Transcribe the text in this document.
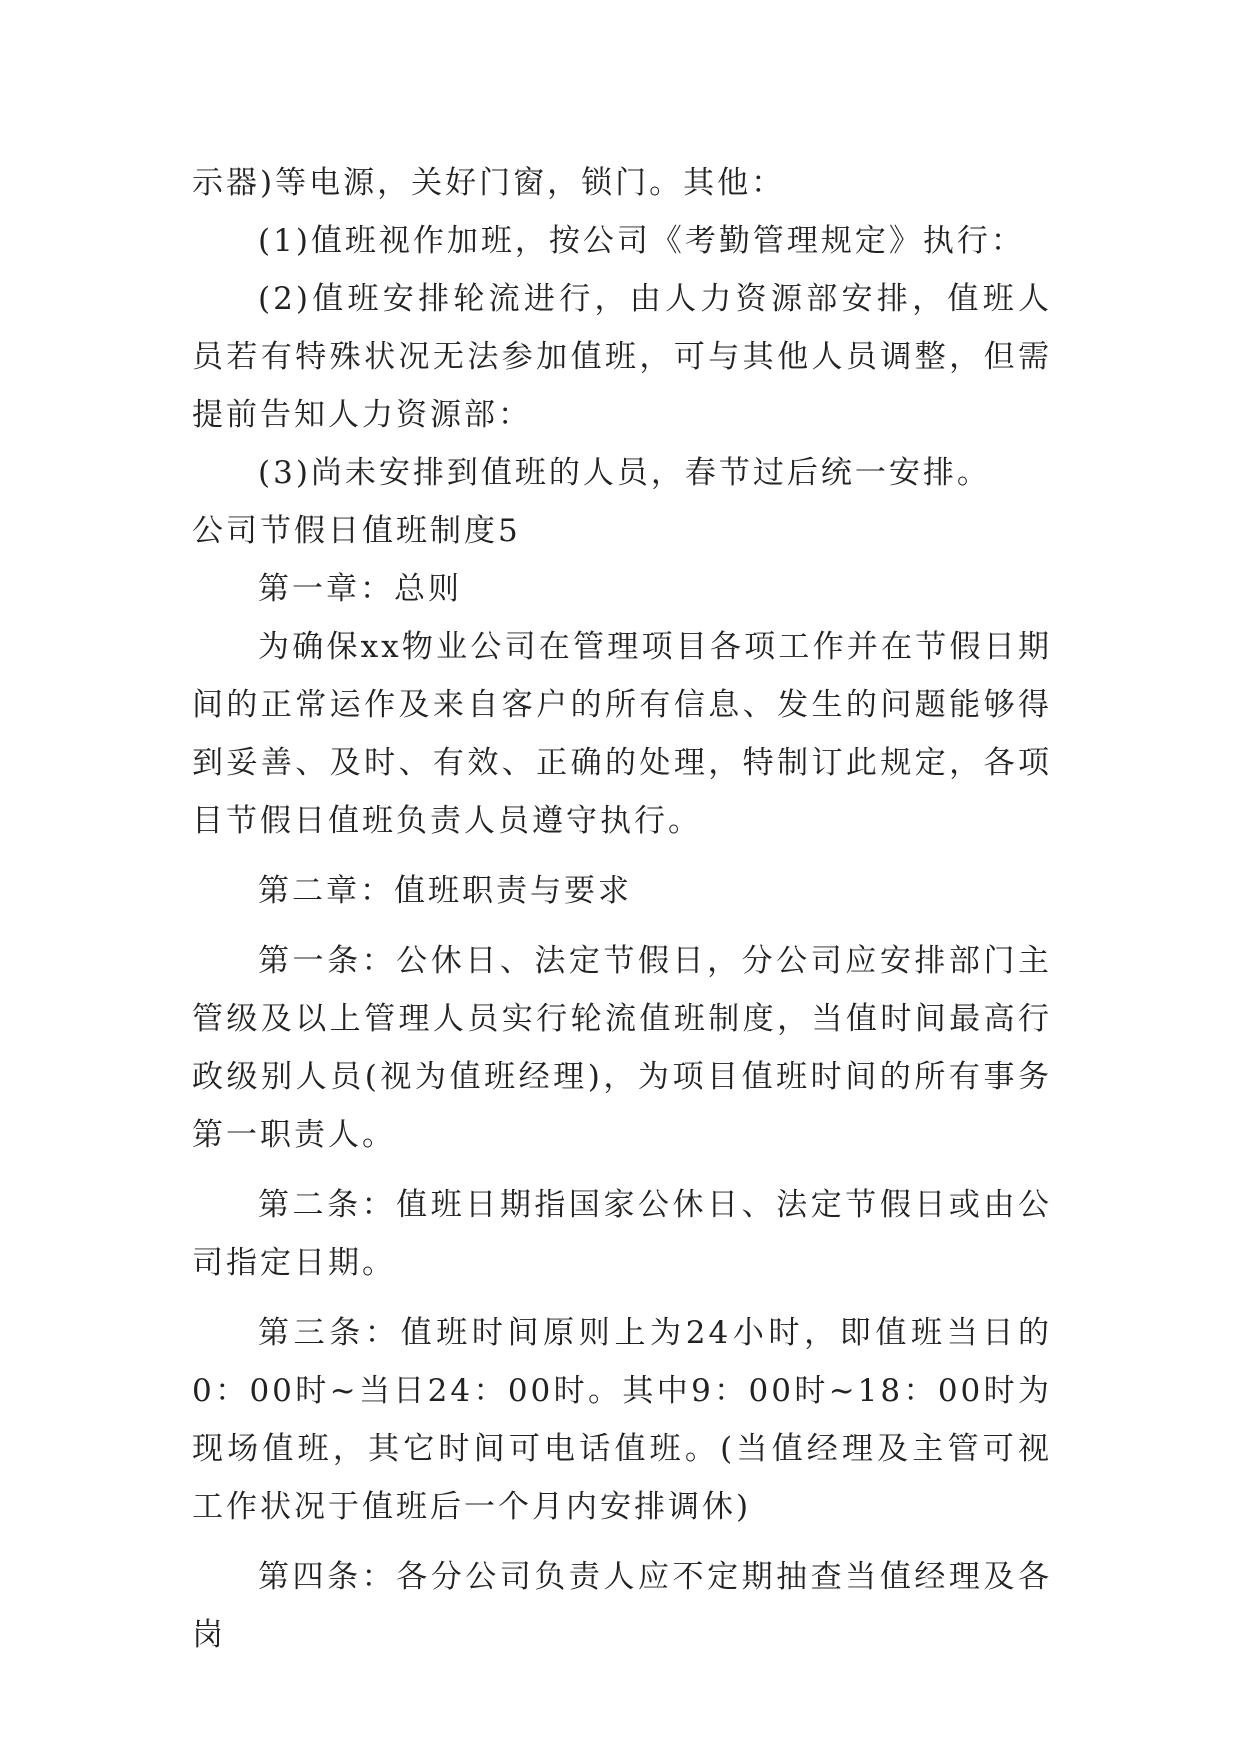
示器)等电源，关好门窗，锁门。其他：

(1)值班视作加班，按公司《考勤管理规定》执行：

(2)值班安排轮流进行，由人力资源部安排，值班人员若有特殊状况无法参加值班，可与其他人员调整，但需提前告知人力资源部：

(3)尚未安排到值班的人员，春节过后统一安排。

公司节假日值班制度5

第一章：总则

为确保xx物业公司在管理项目各项工作并在节假日期间的正常运作及来自客户的所有信息、发生的问题能够得到妥善、及时、有效、正确的处理，特制订此规定，各项目节假日值班负责人员遵守执行。

第二章：值班职责与要求

第一条：公休日、法定节假日，分公司应安排部门主管级及以上管理人员实行轮流值班制度，当值时间最高行政级别人员(视为值班经理)，为项目值班时间的所有事务第一职责人。

第二条：值班日期指国家公休日、法定节假日或由公司指定日期。

第三条：值班时间原则上为24小时，即值班当日的0：00时~当日24：00时。其中9：00时~18：00时为现场值班，其它时间可电话值班。(当值经理及主管可视工作状况于值班后一个月内安排调休)

第四条：各分公司负责人应不定期抽查当值经理及各岗
